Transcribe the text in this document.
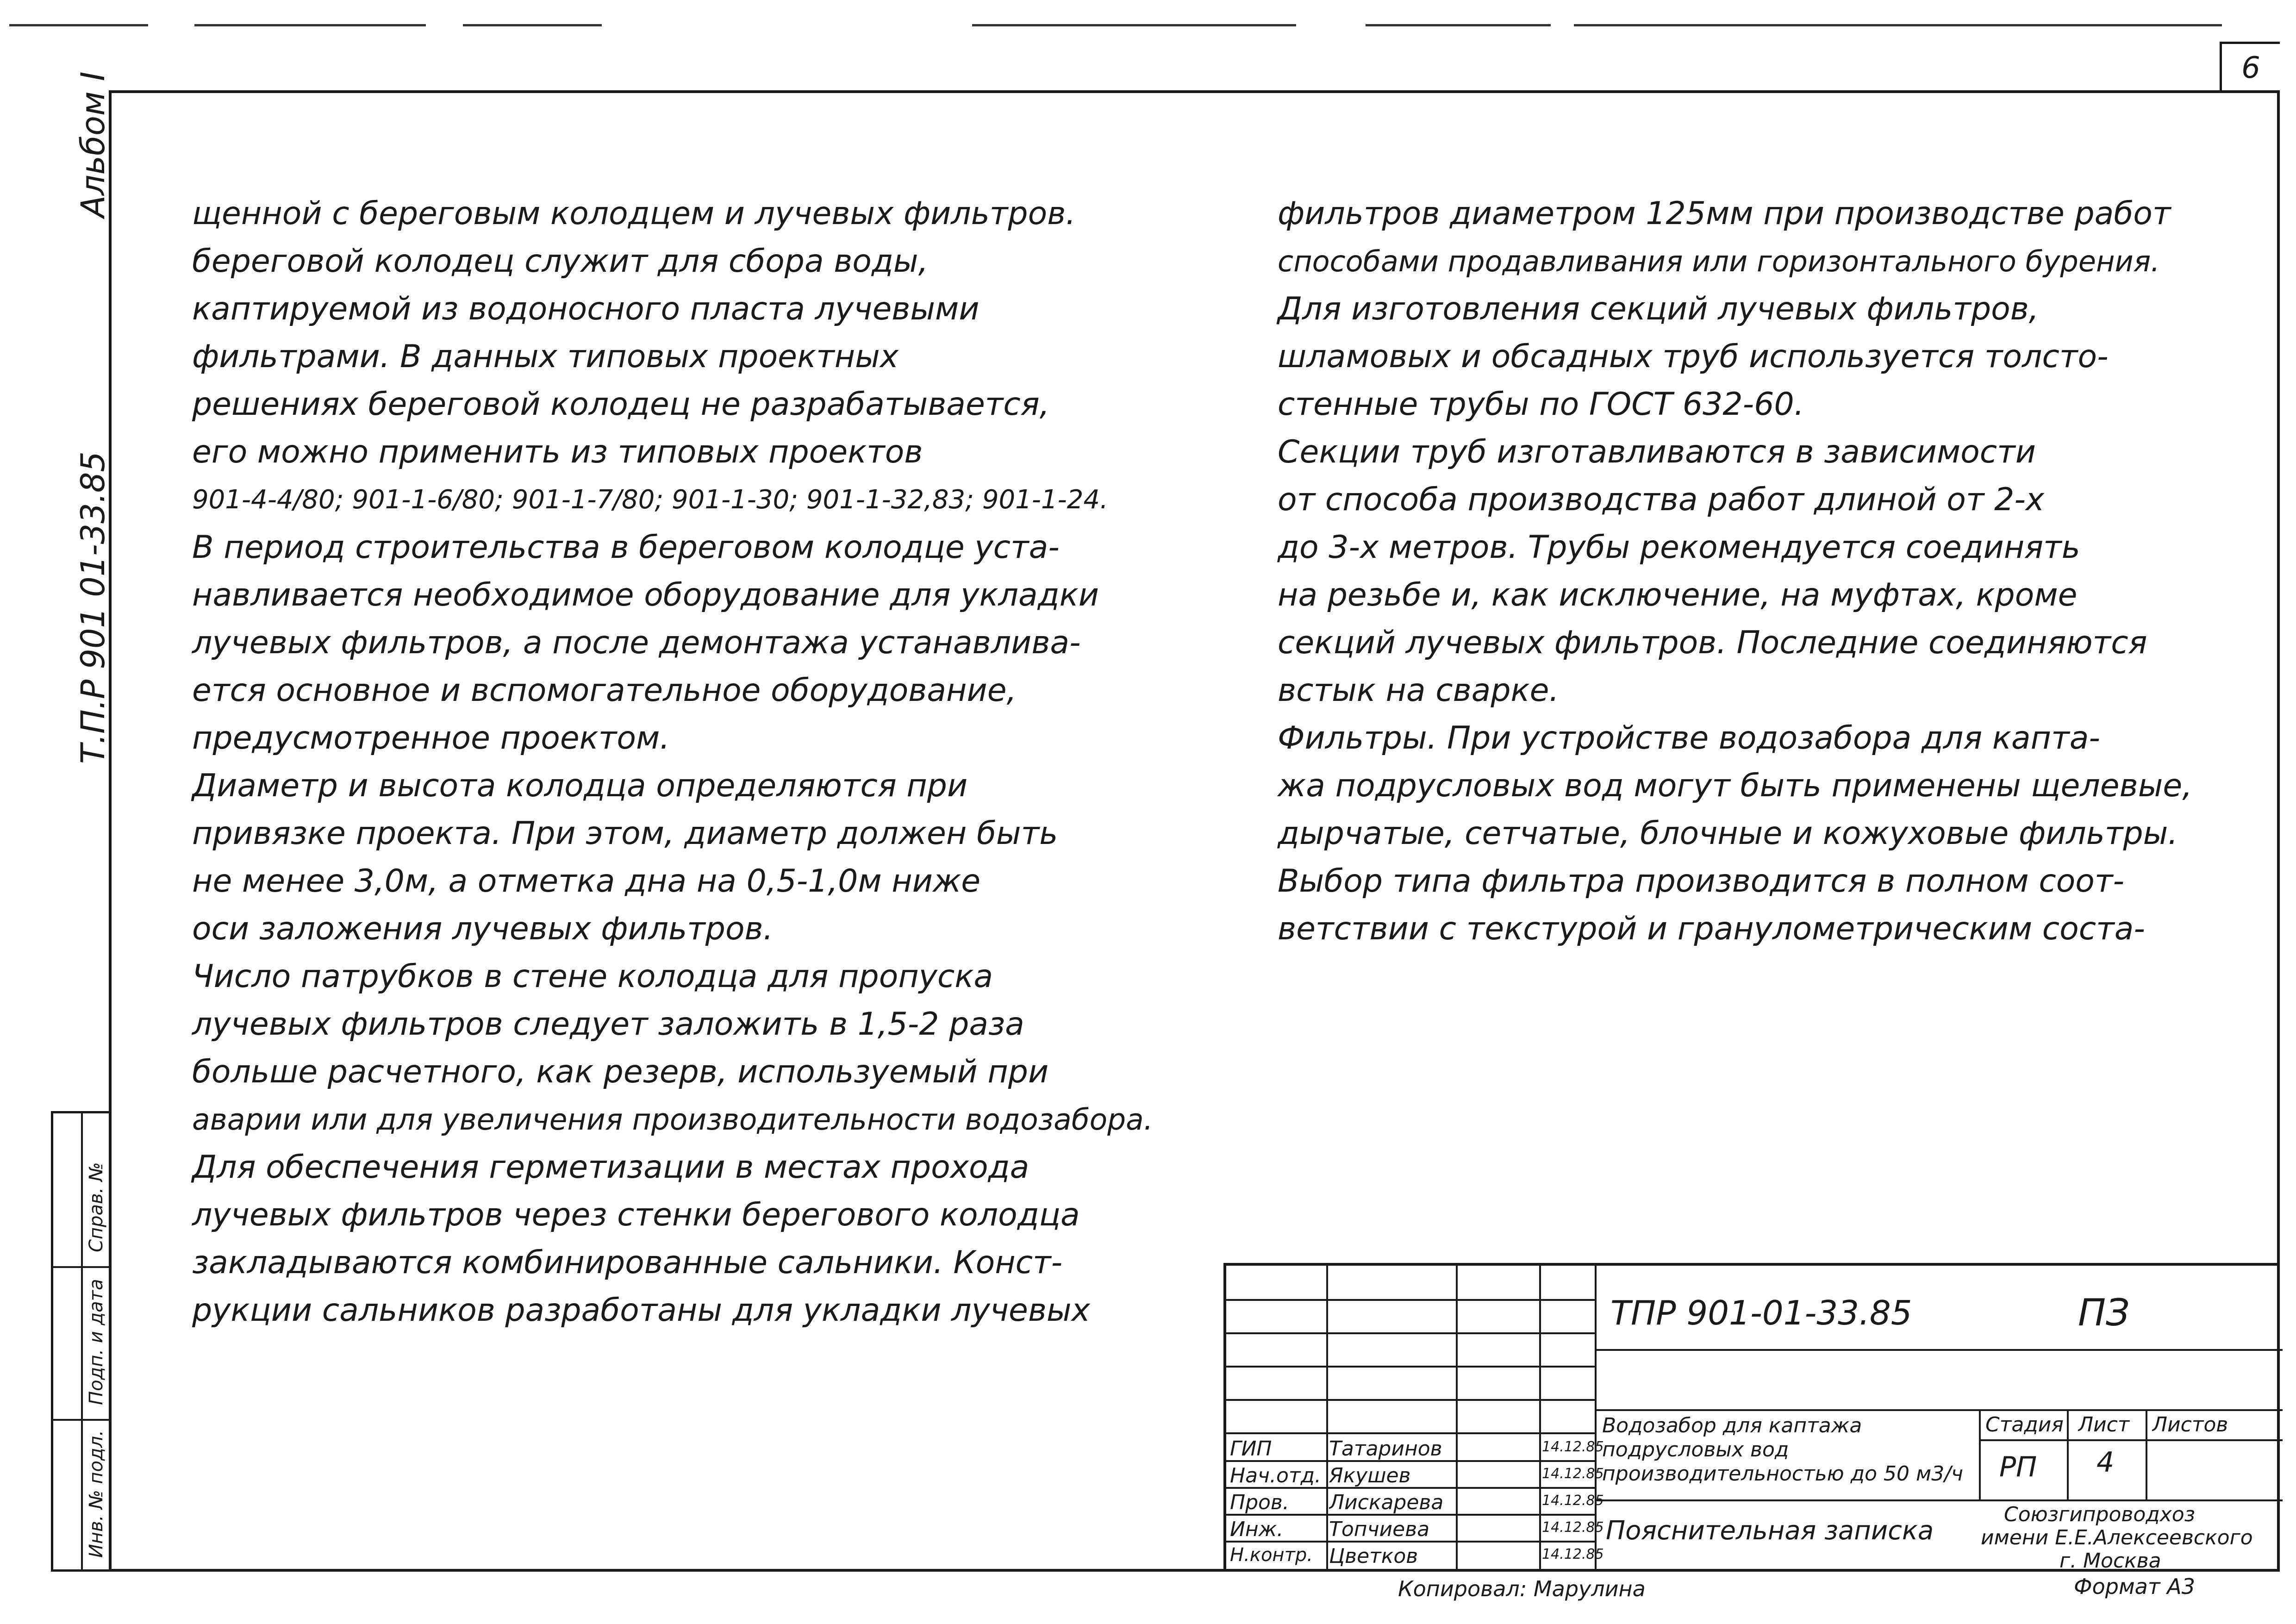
6
Альбом I
Т.П.Р 901 01-33.85
Справ. №
Подп. и дата
Инв. № подл.
щенной с береговым колодцем и лучевых фильтров.
береговой колодец служит для сбора воды,
каптируемой из водоносного пласта лучевыми
фильтрами. В данных типовых проектных
решениях береговой колодец не разрабатывается,
его можно применить из типовых проектов
901-4-4/80; 901-1-6/80; 901-1-7/80; 901-1-30; 901-1-32,83; 901-1-24.
В период строительства в береговом колодце уста-
навливается необходимое оборудование для укладки
лучевых фильтров, а после демонтажа устанавлива-
ется основное и вспомогательное оборудование,
предусмотренное проектом.
Диаметр и высота колодца определяются при
привязке проекта. При этом, диаметр должен быть
не менее 3,0м, а отметка дна на 0,5-1,0м ниже
оси заложения лучевых фильтров.
Число патрубков в стене колодца для пропуска
лучевых фильтров следует заложить в 1,5-2 раза
больше расчетного, как резерв, используемый при
аварии или для увеличения производительности водозабора.
Для обеспечения герметизации в местах прохода
лучевых фильтров через стенки берегового колодца
закладываются комбинированные сальники. Конст-
рукции сальников разработаны для укладки лучевых
фильтров диаметром 125мм при производстве работ
способами продавливания или горизонтального бурения.
Для изготовления секций лучевых фильтров,
шламовых и обсадных труб используется толсто-
стенные трубы по ГОСТ 632-60.
Секции труб изготавливаются в зависимости
от способа производства работ длиной от 2-х
до 3-х метров. Трубы рекомендуется соединять
на резьбе и, как исключение, на муфтах, кроме
секций лучевых фильтров. Последние соединяются
встык на сварке.
Фильтры. При устройстве водозабора для каптa-
жа подрусловых вод могут быть применены щелевые,
дырчатые, сетчатые, блочные и кожуховые фильтры.
Выбор типа фильтра производится в полном соот-
ветствии с текстурой и гранулометрическим соста-
ГИП	Татаринов	14.12.85
Нач.отд. Якушев	14.12.85
Пров. Лискарева	14.12.85
Инж. Топчиева	14.12.85
Н.контр. Цветков	14.12.85
ТПР 901-01-33.85	ПЗ
Водозабор для каптажа подрусловых вод производительностью до 50 м3/ч
Пояснительная записка
Стадия Лист Листов
РП 4
Союзгипроводхоз
имени Е.Е.Алексеевского
г. Москва
Копировал: Марулина	Формат А3
